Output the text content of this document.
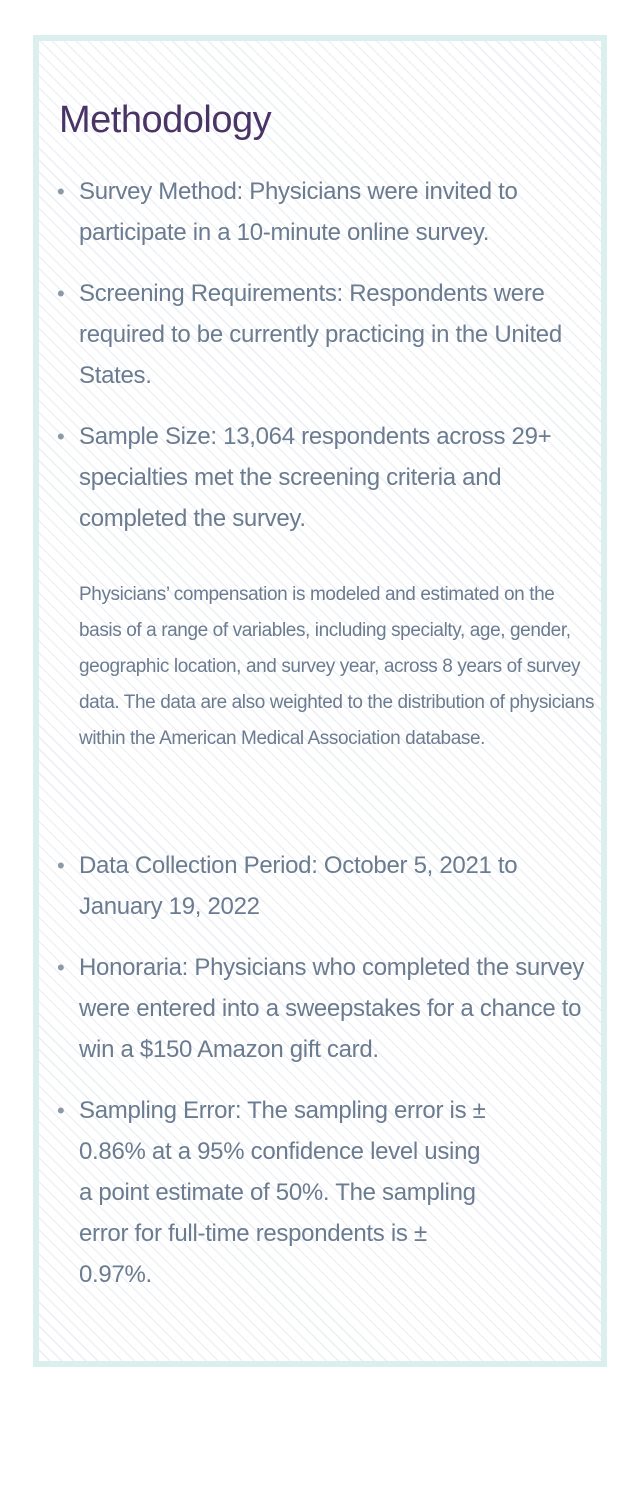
Methodology
• Survey Method: Physicians were invited to participate in a 10-minute online survey.
• Screening Requirements: Respondents were required to be currently practicing in the United States.
• Sample Size: 13,064 respondents across 29+ specialties met the screening criteria and completed the survey.

Physicians’ compensation is modeled and estimated on the basis of a range of variables, including specialty, age, gender, geographic location, and survey year, across 8 years of survey data. The data are also weighted to the distribution of physicians within the American Medical Association database.

• Data Collection Period: October 5, 2021 to January 19, 2022
• Honoraria: Physicians who completed the survey were entered into a sweepstakes for a chance to win a $150 Amazon gift card.
• Sampling Error: The sampling error is ± 0.86% at a 95% confidence level using a point estimate of 50%. The sampling error for full-time respondents is ± 0.97%.
